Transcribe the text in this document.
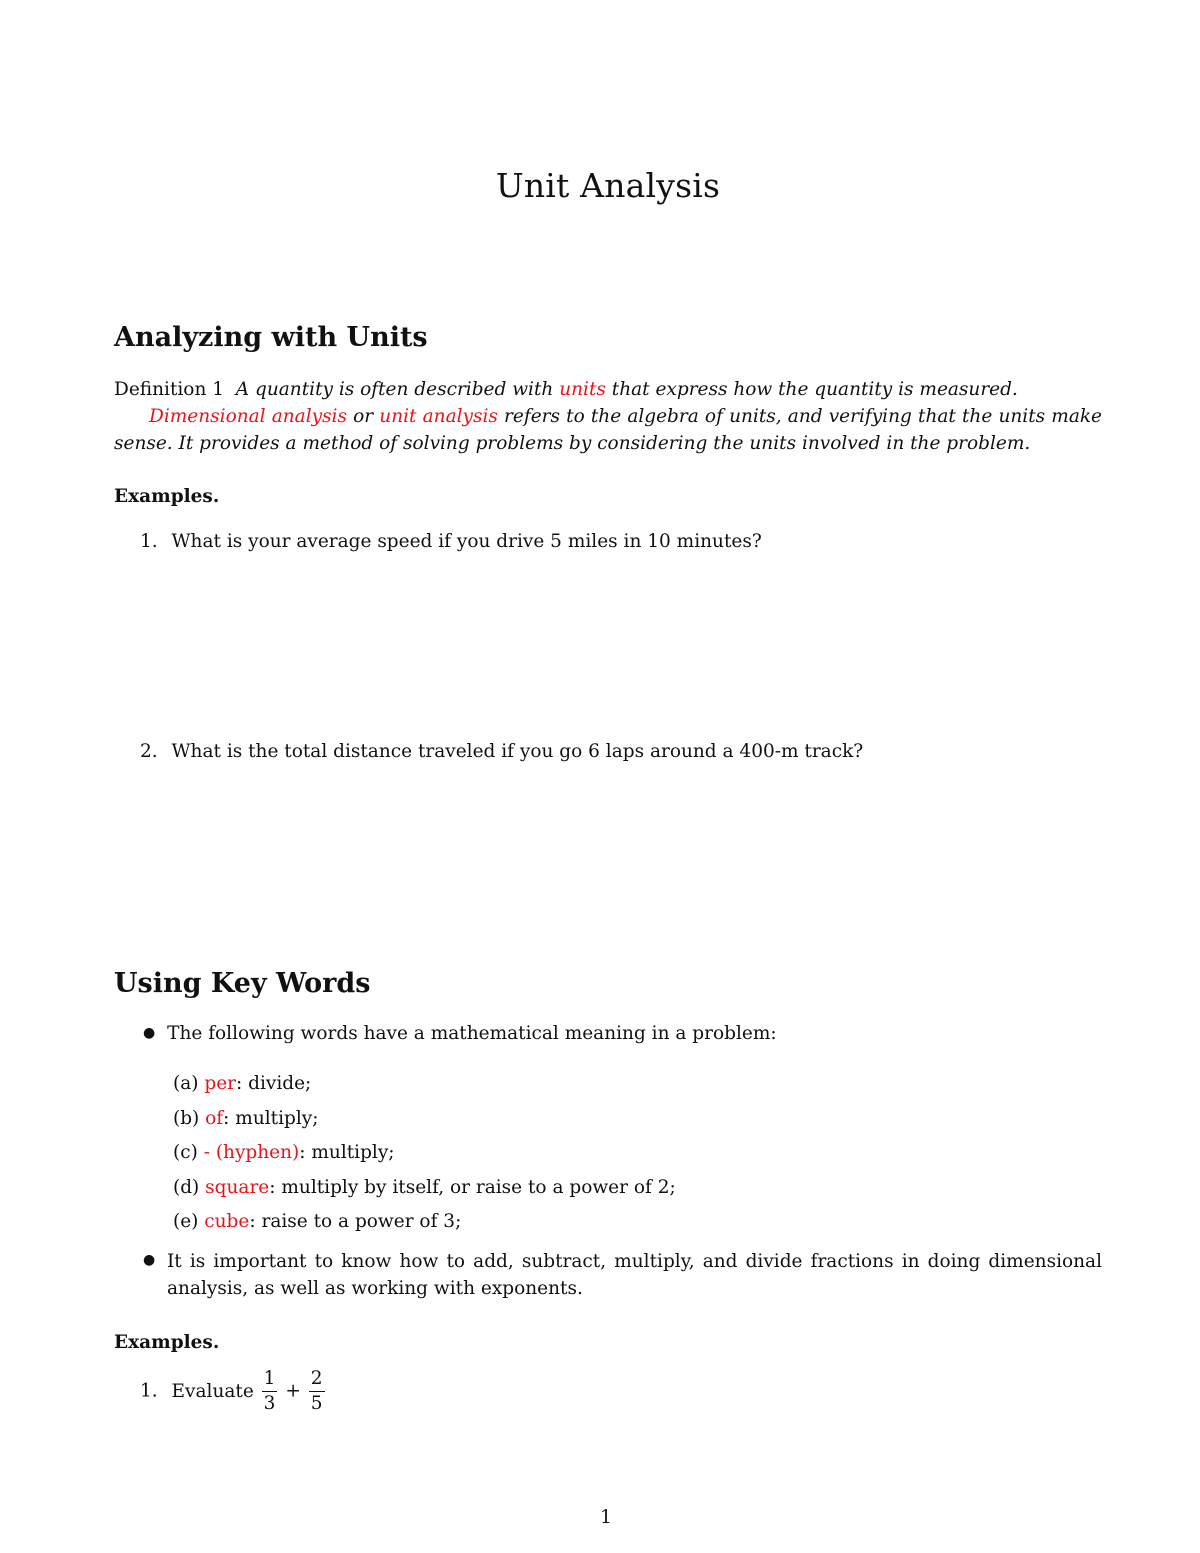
Unit Analysis
Analyzing with Units
Definition 1 A quantity is often described with units that express how the quantity is measured.
Dimensional analysis or unit analysis refers to the algebra of units, and verifying that the units make sense. It provides a method of solving problems by considering the units involved in the problem.
Examples.
1. What is your average speed if you drive 5 miles in 10 minutes?
2. What is the total distance traveled if you go 6 laps around a 400-m track?
Using Key Words
● The following words have a mathematical meaning in a problem:
(a) per: divide;
(b) of: multiply;
(c) - (hyphen): multiply;
(d) square: multiply by itself, or raise to a power of 2;
(e) cube: raise to a power of 3;
● It is important to know how to add, subtract, multiply, and divide fractions in doing dimensional analysis, as well as working with exponents.
Examples.
1. Evaluate $\frac{1}{3} + \frac{2}{5}$
1
